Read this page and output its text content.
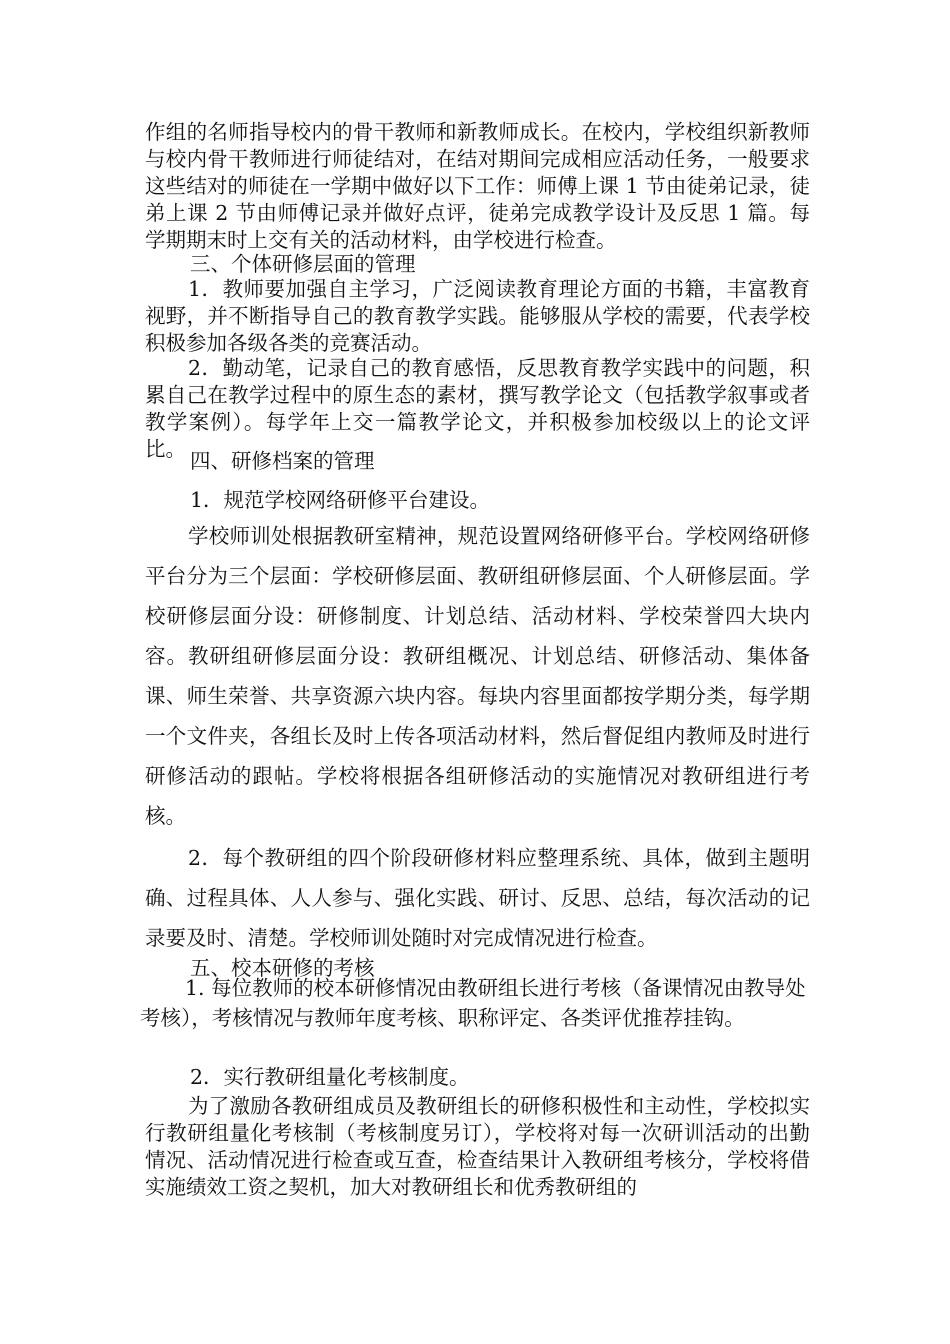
作组的名师指导校内的骨干教师和新教师成长。在校内，学校组织新教师与校内骨干教师进行师徒结对，在结对期间完成相应活动任务，一般要求这些结对的师徒在一学期中做好以下工作：师傅上课 1 节由徒弟记录，徒弟上课 2 节由师傅记录并做好点评，徒弟完成教学设计及反思 1 篇。每学期期末时上交有关的活动材料，由学校进行检查。

三、个体研修层面的管理

1．教师要加强自主学习，广泛阅读教育理论方面的书籍，丰富教育视野，并不断指导自己的教育教学实践。能够服从学校的需要，代表学校积极参加各级各类的竞赛活动。

2．勤动笔，记录自己的教育感悟，反思教育教学实践中的问题，积累自己在教学过程中的原生态的素材，撰写教学论文（包括教学叙事或者教学案例）。每学年上交一篇教学论文，并积极参加校级以上的论文评比。 四、研修档案的管理

1．规范学校网络研修平台建设。

学校师训处根据教研室精神，规范设置网络研修平台。学校网络研修平台分为三个层面：学校研修层面、教研组研修层面、个人研修层面。学校研修层面分设：研修制度、计划总结、活动材料、学校荣誉四大块内容。教研组研修层面分设：教研组概况、计划总结、研修活动、集体备课、师生荣誉、共享资源六块内容。每块内容里面都按学期分类，每学期一个文件夹，各组长及时上传各项活动材料，然后督促组内教师及时进行研修活动的跟帖。学校将根据各组研修活动的实施情况对教研组进行考核。

2．每个教研组的四个阶段研修材料应整理系统、具体，做到主题明确、过程具体、人人参与、强化实践、研讨、反思、总结，每次活动的记录要及时、清楚。学校师训处随时对完成情况进行检查。

五、校本研修的考核

1. 每位教师的校本研修情况由教研组长进行考核（备课情况由教导处考核），考核情况与教师年度考核、职称评定、各类评优推荐挂钩。

2．实行教研组量化考核制度。

为了激励各教研组成员及教研组长的研修积极性和主动性，学校拟实行教研组量化考核制（考核制度另订），学校将对每一次研训活动的出勤情况、活动情况进行检查或互查，检查结果计入教研组考核分，学校将借实施绩效工资之契机，加大对教研组长和优秀教研组的
